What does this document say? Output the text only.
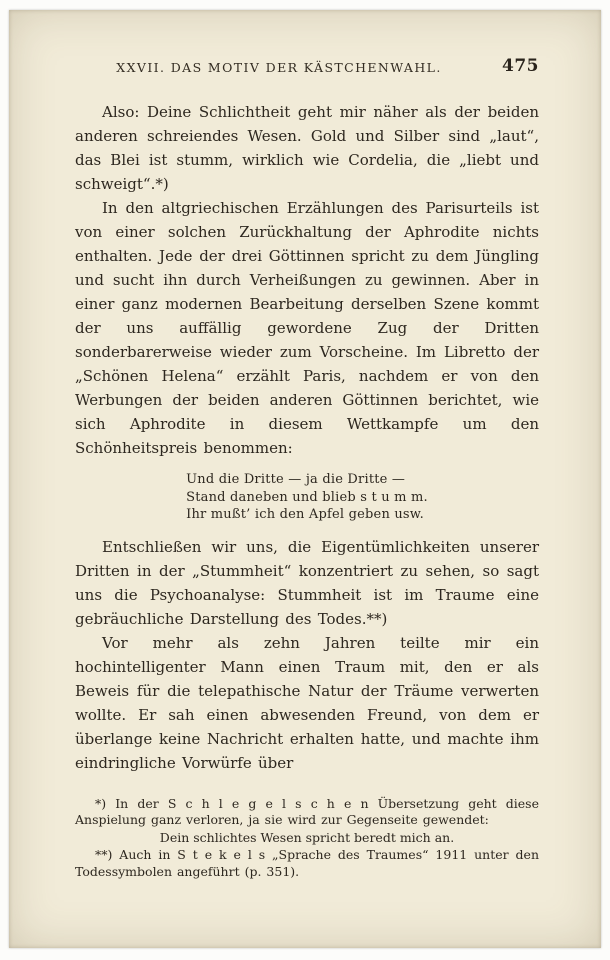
XXVII. DAS MOTIV DER KÄSTCHENWAHL.	475

Also: Deine Schlichtheit geht mir näher als der beiden anderen schreiendes Wesen. Gold und Silber sind „laut“, das Blei ist stumm, wirklich wie Cordelia, die „liebt und schweigt“.*)

In den altgriechischen Erzählungen des Parisurteils ist von einer solchen Zurückhaltung der Aphrodite nichts enthalten. Jede der drei Göttinnen spricht zu dem Jüngling und sucht ihn durch Verheißungen zu gewinnen. Aber in einer ganz modernen Bearbeitung derselben Szene kommt der uns auffällig gewordene Zug der Dritten sonderbarerweise wieder zum Vorscheine. Im Libretto der „Schönen Helena“ erzählt Paris, nachdem er von den Werbungen der beiden anderen Göttinnen berichtet, wie sich Aphrodite in diesem Wettkampfe um den Schönheitspreis benommen:

Und die Dritte — ja die Dritte —
Stand daneben und blieb s t u m m.
Ihr mußt’ ich den Apfel geben usw.

Entschließen wir uns, die Eigentümlichkeiten unserer Dritten in der „Stummheit“ konzentriert zu sehen, so sagt uns die Psychoanalyse: Stummheit ist im Traume eine gebräuchliche Darstellung des Todes.**)

Vor mehr als zehn Jahren teilte mir ein hochintelligenter Mann einen Traum mit, den er als Beweis für die telepathische Natur der Träume verwerten wollte. Er sah einen abwesenden Freund, von dem er überlange keine Nachricht erhalten hatte, und machte ihm eindringliche Vorwürfe über

*) In der S c h l e g e l s c h e n Übersetzung geht diese Anspielung ganz verloren, ja sie wird zur Gegenseite gewendet:

Dein schlichtes Wesen spricht beredt mich an.

**) Auch in S t e k e l s „Sprache des Traumes“ 1911 unter den Todessymbolen angeführt (p. 351).
